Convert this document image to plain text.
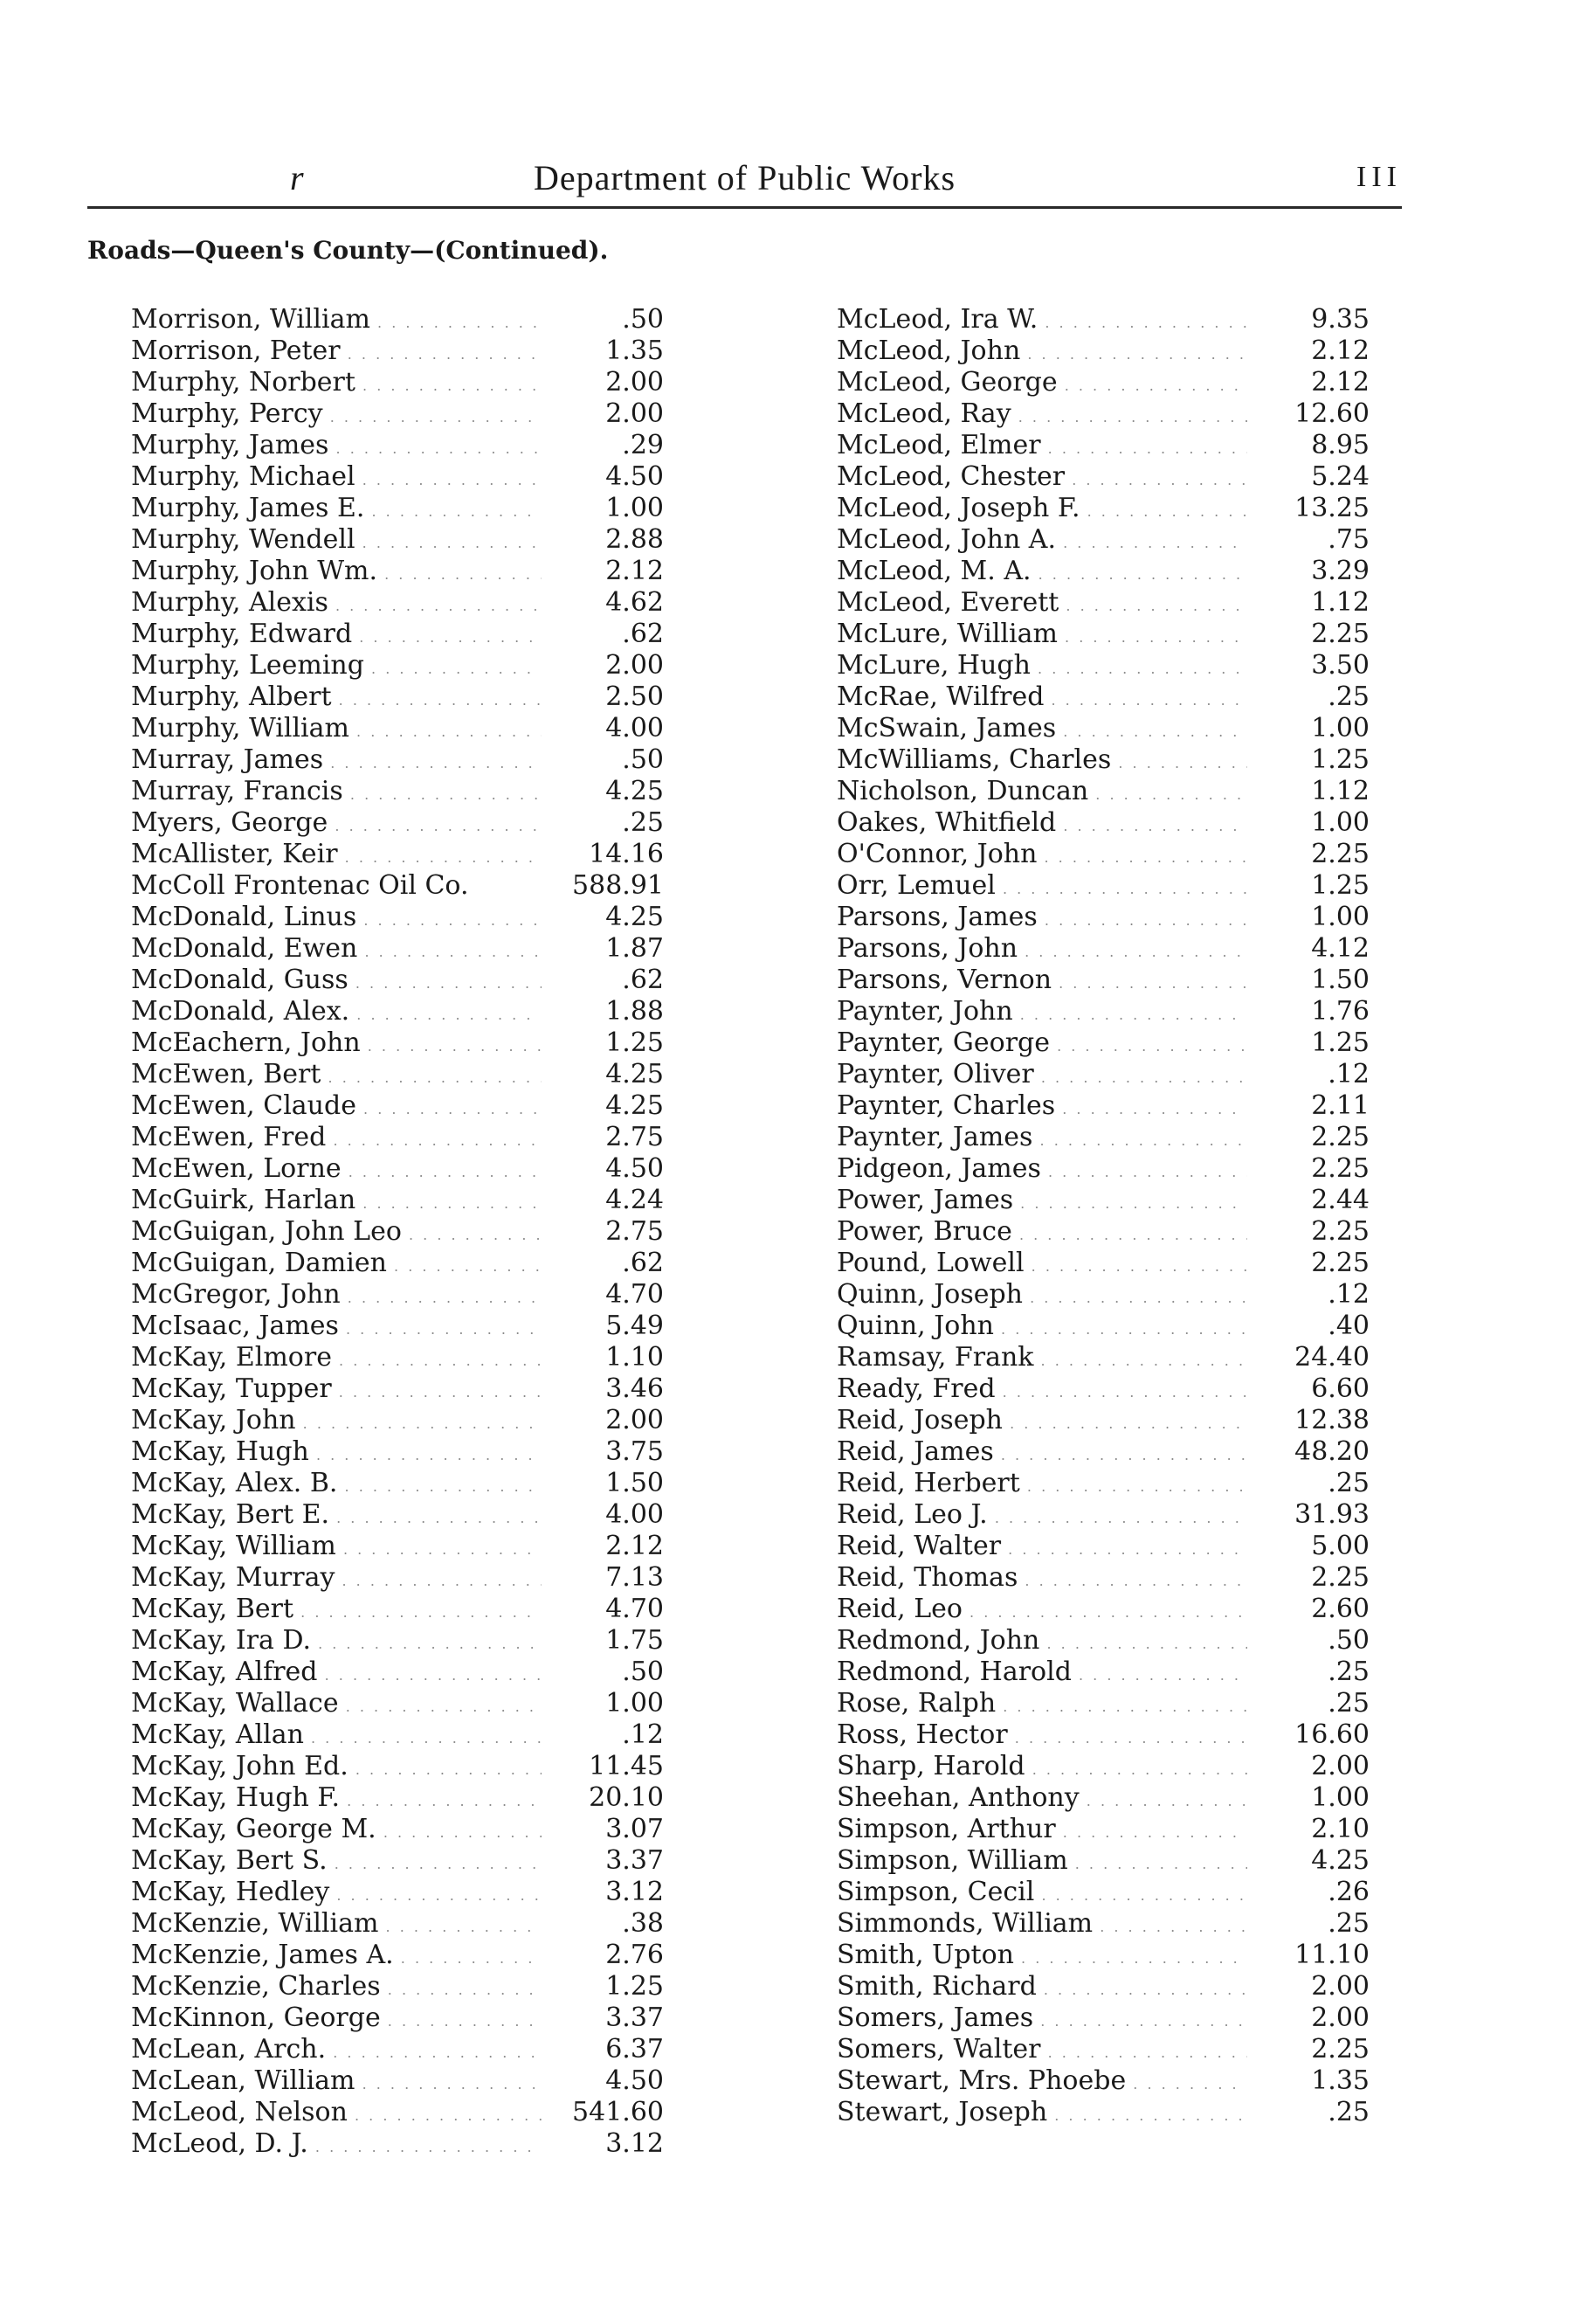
r	Department of Public Works	III
Roads—Queen's County—(Continued).
Morrison, William . . .	.50
Morrison, Peter . . .	1.35
Murphy, Norbert . . .	2.00
Murphy, Percy . . .	2.00
Murphy, James . . .	.29
Murphy, Michael . . .	4.50
Murphy, James E. . . .	1.00
Murphy, Wendell . . .	2.88
Murphy, John Wm. . . .	2.12
Murphy, Alexis . . .	4.62
Murphy, Edward . . .	.62
Murphy, Leeming . . .	2.00
Murphy, Albert . . .	2.50
Murphy, William . . .	4.00
Murray, James . . .	.50
Murray, Francis . . .	4.25
Myers, George . . .	.25
McAllister, Keir . . .	14.16
McColl Frontenac Oil Co.	588.91
McDonald, Linus . . .	4.25
McDonald, Ewen . . .	1.87
McDonald, Guss . . .	.62
McDonald, Alex. . . .	1.88
McEachern, John . . .	1.25
McEwen, Bert . . .	4.25
McEwen, Claude . . .	4.25
McEwen, Fred . . .	2.75
McEwen, Lorne . . .	4.50
McGuirk, Harlan . . .	4.24
McGuigan, John Leo . . .	2.75
McGuigan, Damien . . .	.62
McGregor, John . . .	4.70
McIsaac, James . . .	5.49
McKay, Elmore . . .	1.10
McKay, Tupper . . .	3.46
McKay, John . . .	2.00
McKay, Hugh . . .	3.75
McKay, Alex. B. . . .	1.50
McKay, Bert E. . . .	4.00
McKay, William . . .	2.12
McKay, Murray . . .	7.13
McKay, Bert . . .	4.70
McKay, Ira D. . . .	1.75
McKay, Alfred . . .	.50
McKay, Wallace . . .	1.00
McKay, Allan . . .	.12
McKay, John Ed. . . .	11.45
McKay, Hugh F. . . .	20.10
McKay, George M. . . .	3.07
McKay, Bert S. . . .	3.37
McKay, Hedley . . .	3.12
McKenzie, William . . .	.38
McKenzie, James A. . . .	2.76
McKenzie, Charles . . .	1.25
McKinnon, George . . .	3.37
McLean, Arch. . . .	6.37
McLean, William . . .	4.50
McLeod, Nelson . . .	541.60
McLeod, D. J. . . .	3.12
McLeod, Ira W. . . .	9.35
McLeod, John . . .	2.12
McLeod, George . . .	2.12
McLeod, Ray . . .	12.60
McLeod, Elmer . . .	8.95
McLeod, Chester . . .	5.24
McLeod, Joseph F. . . .	13.25
McLeod, John A. . . .	.75
McLeod, M. A. . . .	3.29
McLeod, Everett . . .	1.12
McLure, William . . .	2.25
McLure, Hugh . . .	3.50
McRae, Wilfred . . .	.25
McSwain, James . . .	1.00
McWilliams, Charles . . .	1.25
Nicholson, Duncan . . .	1.12
Oakes, Whitfield . . .	1.00
O'Connor, John . . .	2.25
Orr, Lemuel . . .	1.25
Parsons, James . . .	1.00
Parsons, John . . .	4.12
Parsons, Vernon . . .	1.50
Paynter, John . . .	1.76
Paynter, George . . .	1.25
Paynter, Oliver . . .	.12
Paynter, Charles . . .	2.11
Paynter, James . . .	2.25
Pidgeon, James . . .	2.25
Power, James . . .	2.44
Power, Bruce . . .	2.25
Pound, Lowell . . .	2.25
Quinn, Joseph . . .	.12
Quinn, John . . .	.40
Ramsay, Frank . . .	24.40
Ready, Fred . . .	6.60
Reid, Joseph . . .	12.38
Reid, James . . .	48.20
Reid, Herbert . . .	.25
Reid, Leo J. . . .	31.93
Reid, Walter . . .	5.00
Reid, Thomas . . .	2.25
Reid, Leo . . .	2.60
Redmond, John . . .	.50
Redmond, Harold . . .	.25
Rose, Ralph . . .	.25
Ross, Hector . . .	16.60
Sharp, Harold . . .	2.00
Sheehan, Anthony . . .	1.00
Simpson, Arthur . . .	2.10
Simpson, William . . .	4.25
Simpson, Cecil . . .	.26
Simmonds, William . . .	.25
Smith, Upton . . .	11.10
Smith, Richard . . .	2.00
Somers, James . . .	2.00
Somers, Walter . . .	2.25
Stewart, Mrs. Phoebe . . .	1.35
Stewart, Joseph . . .	.25
